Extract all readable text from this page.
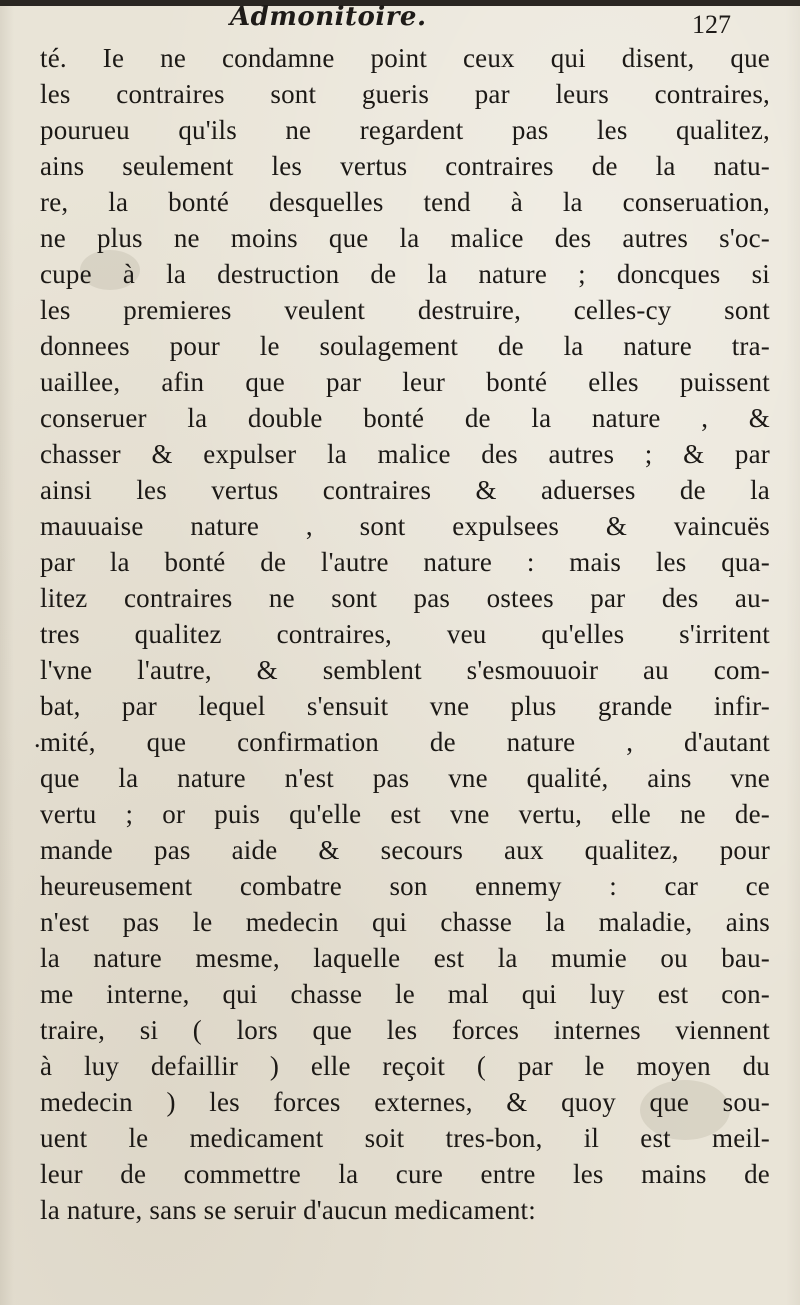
Admonitoire.	127
.
té. Ie ne condamne point ceux qui disent, que
les contraires sont gueris par leurs contraires,
pourueu qu'ils ne regardent pas les qualitez,
ains seulement les vertus contraires de la natu-
re, la bonté desquelles tend à la conseruation,
ne plus ne moins que la malice des autres s'oc-
cupe à la destruction de la nature ; doncques si
les premieres veulent destruire, celles-cy sont
donnees pour le soulagement de la nature tra-
uaillee, afin que par leur bonté elles puissent
conseruer la double bonté de la nature , &
chasser & expulser la malice des autres ; & par
ainsi les vertus contraires & aduerses de la
mauuaise nature , sont expulsees & vaincuës
par la bonté de l'autre nature : mais les qua-
litez contraires ne sont pas ostees par des au-
tres qualitez contraires, veu qu'elles s'irritent
l'vne l'autre, & semblent s'esmouuoir au com-
bat, par lequel s'ensuit vne plus grande infir-
mité, que confirmation de nature , d'autant
que la nature n'est pas vne qualité, ains vne
vertu ; or puis qu'elle est vne vertu, elle ne de-
mande pas aide & secours aux qualitez, pour
heureusement combatre son ennemy : car ce
n'est pas le medecin qui chasse la maladie, ains
la nature mesme, laquelle est la mumie ou bau-
me interne, qui chasse le mal qui luy est con-
traire, si ( lors que les forces internes viennent
à luy defaillir ) elle reçoit ( par le moyen du
medecin ) les forces externes, & quoy que sou-
uent le medicament soit tres-bon, il est meil-
leur de commettre la cure entre les mains de
la nature, sans se seruir d'aucun medicament:
